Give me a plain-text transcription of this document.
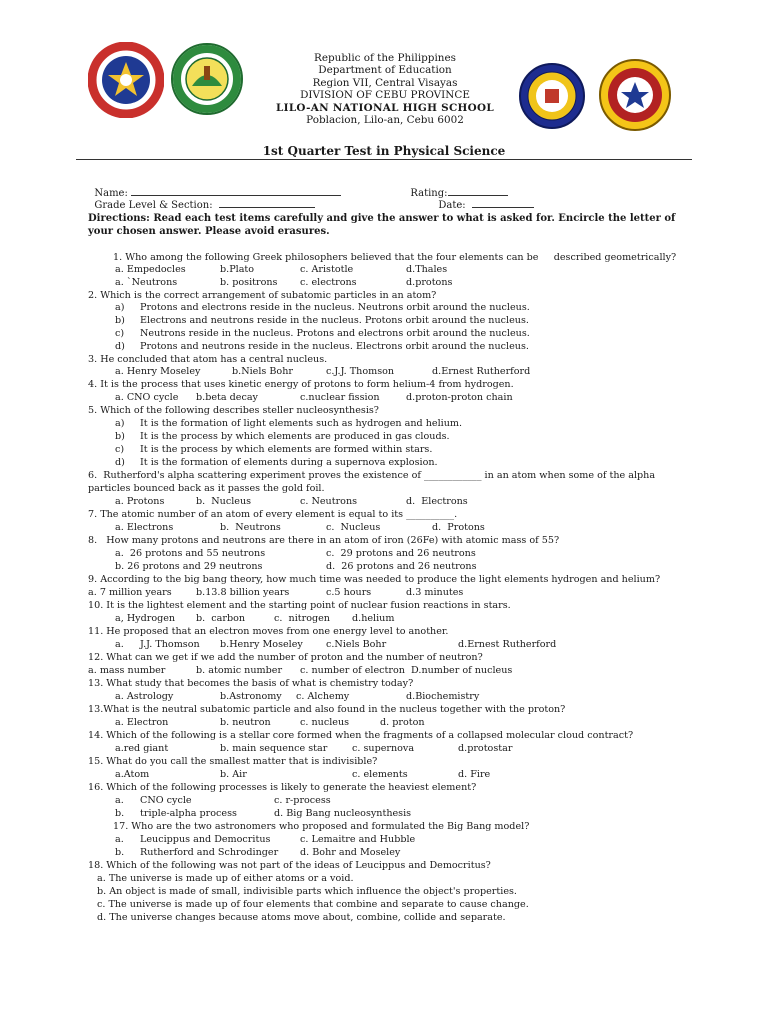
Republic of the Philippines
Department of Education
Region VII, Central Visayas
DIVISION OF CEBU PROVINCE
LILO-AN NATIONAL HIGH SCHOOL
Poblacion, Lilo-an, Cebu 6002
1st Quarter Test in Physical Science

Name:	Rating:

Grade Level & Section:	Date:

Directions: Read each test items carefully and give the answer to what is asked for. Encircle the letter of your chosen answer. Please avoid erasures.
1. Who among the following Greek philosophers believed that the four elements can be     described geometrically?
a. Empedocles	b.Plato	c. Aristotle	d.Thales
a. `Neutrons	b. positrons c. electrons	d.protons
2. Which is the correct arrangement of subatomic particles in an atom?
a) Protons and electrons reside in the nucleus. Neutrons orbit around the nucleus.
b) Electrons and neutrons reside in the nucleus. Protons orbit around the nucleus.
c) Neutrons reside in the nucleus. Protons and electrons orbit around the nucleus.
d) Protons and neutrons reside in the nucleus. Electrons orbit around the nucleus.
3. He concluded that atom has a central nucleus.
a. Henry Moseley	b.Niels Bohr	c.J.J. Thomson	d.Ernest Rutherford
4. It is the process that uses kinetic energy of protons to form helium-4 from hydrogen.
a. CNO cycle b.beta decay	c.nuclear fission	d.proton-proton chain
5. Which of the following describes steller nucleosynthesis?
a) It is the formation of light elements such as hydrogen and helium.
b) It is the process by which elements are produced in gas clouds.
c) It is the process by which elements are formed within stars.
d) It is the formation of elements during a supernova explosion.
6.  Rutherford's alpha scattering experiment proves the existence of ____________ in an atom when some of the alpha
particles bounced back as it passes the gold foil.
a. Protons	b.  Nucleus	c. Neutrons	d.  Electrons
7. The atomic number of an atom of every element is equal to its __________.
a. Electrons	b.  Neutrons	c.  Nucleus	d.  Protons
8.   How many protons and neutrons are there in an atom of iron (26Fe) with atomic mass of 55?
a.  26 protons and 55 neutrons	c.  29 protons and 26 neutrons
b. 26 protons and 29 neutrons	d.  26 protons and 26 neutrons
9. According to the big bang theory, how much time was needed to produce the light elements hydrogen and helium?
a. 7 million years	b.13.8 billion years	c.5 hours	d.3 minutes
10. It is the lightest element and the starting point of nuclear fusion reactions in stars.
a, Hydrogen b.  carbon	c.  nitrogen d.helium
11. He proposed that an electron moves from one energy level to another.
a. J.J. Thomson b.Henry Moseley c.Niels Bohr	d.Ernest Rutherford
12. What can we get if we add the number of proton and the number of neutron?
a. mass number	b. atomic number c. number of electron  D.number of nucleus
13. What study that becomes the basis of what is chemistry today?
a. Astrology	b.Astronomy c. Alchemy	d.Biochemistry
13.What is the neutral subatomic particle and also found in the nucleus together with the proton?
a. Electron	b. neutron	c. nucleus	d. proton
14. Which of the following is a stellar core formed when the fragments of a collapsed molecular cloud contract?
a.red giant	b. main sequence star	c. supernova	d.protostar
15. What do you call the smallest matter that is indivisible?
a.Atom	b. Air	c. elements	d. Fire
16. Which of the following processes is likely to generate the heaviest element?
a. CNO cycle	c. r-process
b. triple-alpha process	d. Big Bang nucleosynthesis
17. Who are the two astronomers who proposed and formulated the Big Bang model?
a. Leucippus and Democritus	c. Lemaitre and Hubble
b. Rutherford and Schrodinger d. Bohr and Moseley
18. Which of the following was not part of the ideas of Leucippus and Democritus?
a. The universe is made up of either atoms or a void.
b. An object is made of small, indivisible parts which influence the object's properties.
c. The universe is made up of four elements that combine and separate to cause change.
d. The universe changes because atoms move about, combine, collide and separate.
